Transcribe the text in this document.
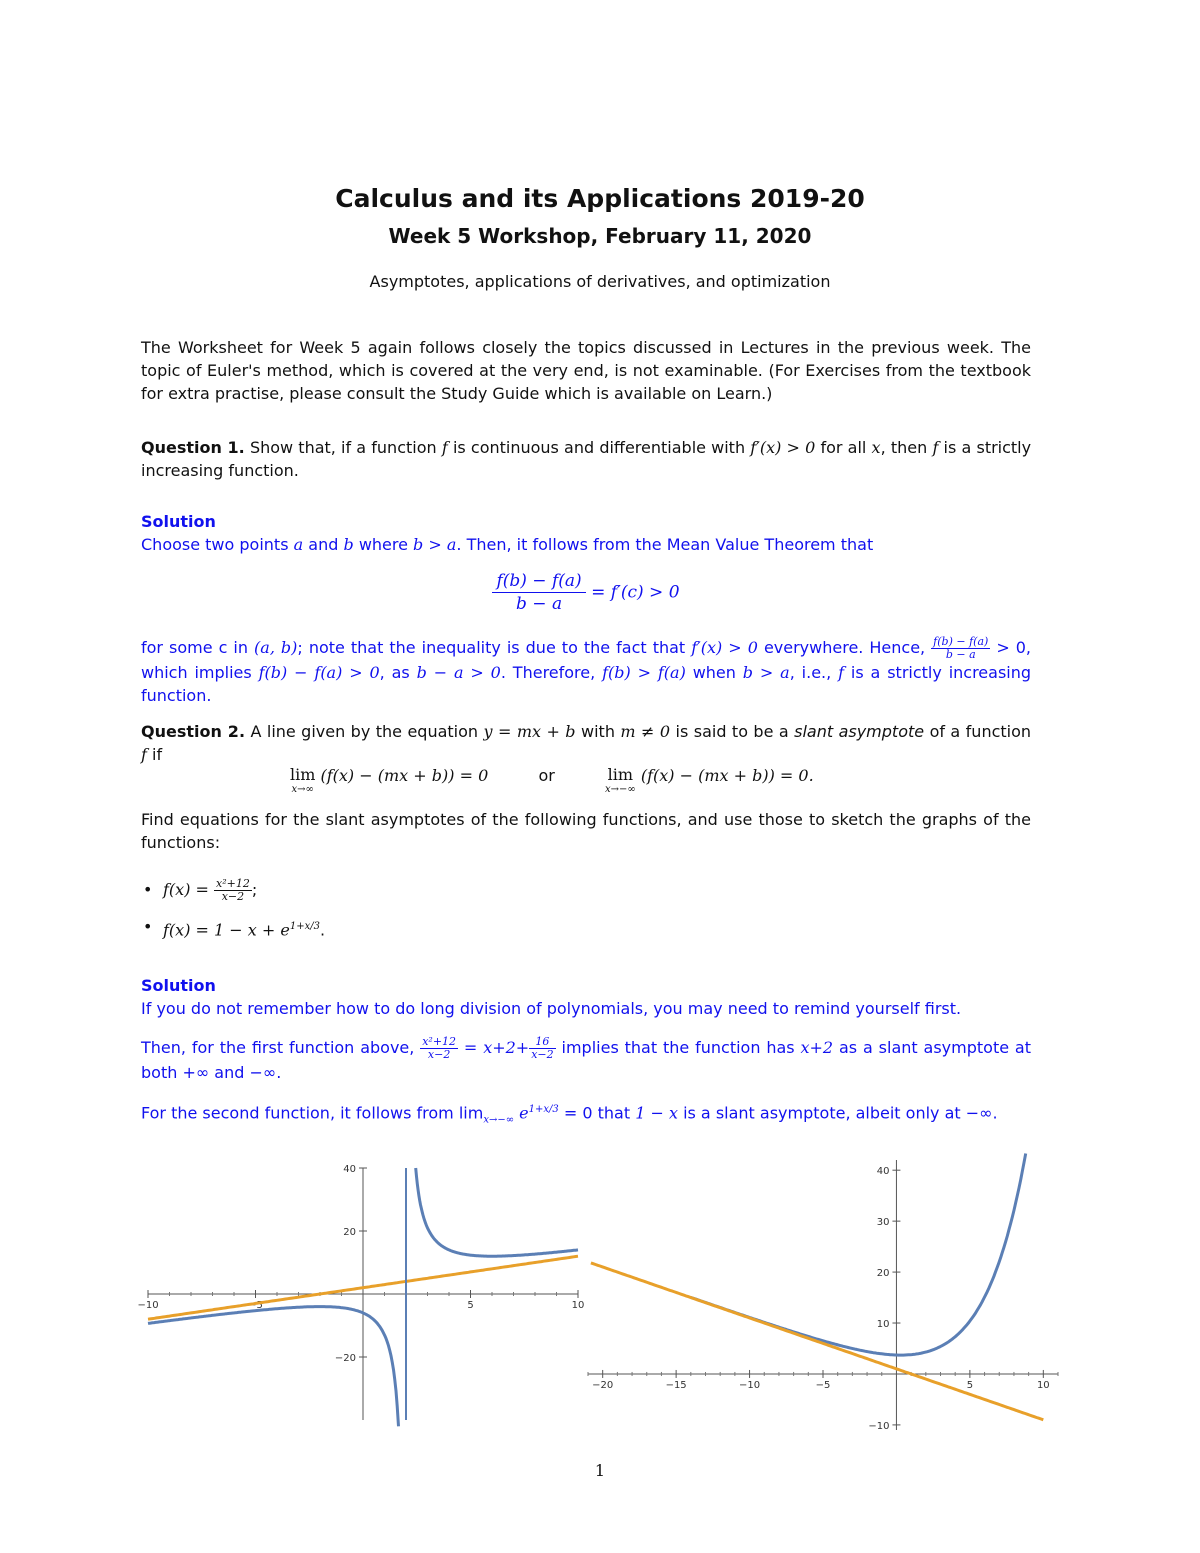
Calculus and its Applications 2019-20
Week 5 Workshop, February 11, 2020
Asymptotes, applications of derivatives, and optimization
The Worksheet for Week 5 again follows closely the topics discussed in Lectures in the previous week. The topic of Euler's method, which is covered at the very end, is not examinable. (For Exercises from the textbook for extra practise, please consult the Study Guide which is available on Learn.)
Question 1. Show that, if a function f is continuous and differentiable with f′(x) > 0 for all x, then f is a strictly increasing function.
Solution
Choose two points a and b where b > a. Then, it follows from the Mean Value Theorem that
$\frac{f(b) - f(a)}{b - a} = f'(c) > 0$
for some c in (a, b); note that the inequality is due to the fact that f′(x) > 0 everywhere. Hence, $\frac{f(b) - f(a)}{b - a} > 0$, which implies f(b) − f(a) > 0, as b − a > 0. Therefore, f(b) > f(a) when b > a, i.e., f is a strictly increasing function.
Question 2. A line given by the equation y = mx + b with m ≠ 0 is said to be a slant asymptote of a function f if
lim
x→∞
(f(x) − (mx + b)) = 0	or	lim
x→−∞
(f(x) − (mx + b)) = 0.
Find equations for the slant asymptotes of the following functions, and use those to sketch the graphs of the functions:
• $f(x) = \frac{\text{x²+12}}{x-2}$ ;
• $f(x) = 1 - x + e^{1+x/3}$.
Solution
If you do not remember how to do long division of polynomials, you may need to remind yourself first.
Then, for the first function above, $\frac{\text{x²+12}}{x-2} = x+2+ \frac{16}{x-2}$ implies that the function has x+2 as a slant asymptote at both +∞ and −∞.
For the second function, it follows from $\lim_{x\to-\infty} e^{1+x/3} = 0$ that 1 − x is a slant asymptote, albeit only at −∞.
−10	−5	5	10
−20
20
40
−20	−15	−10	−5	5	10
−10
10
20
30
40
1
